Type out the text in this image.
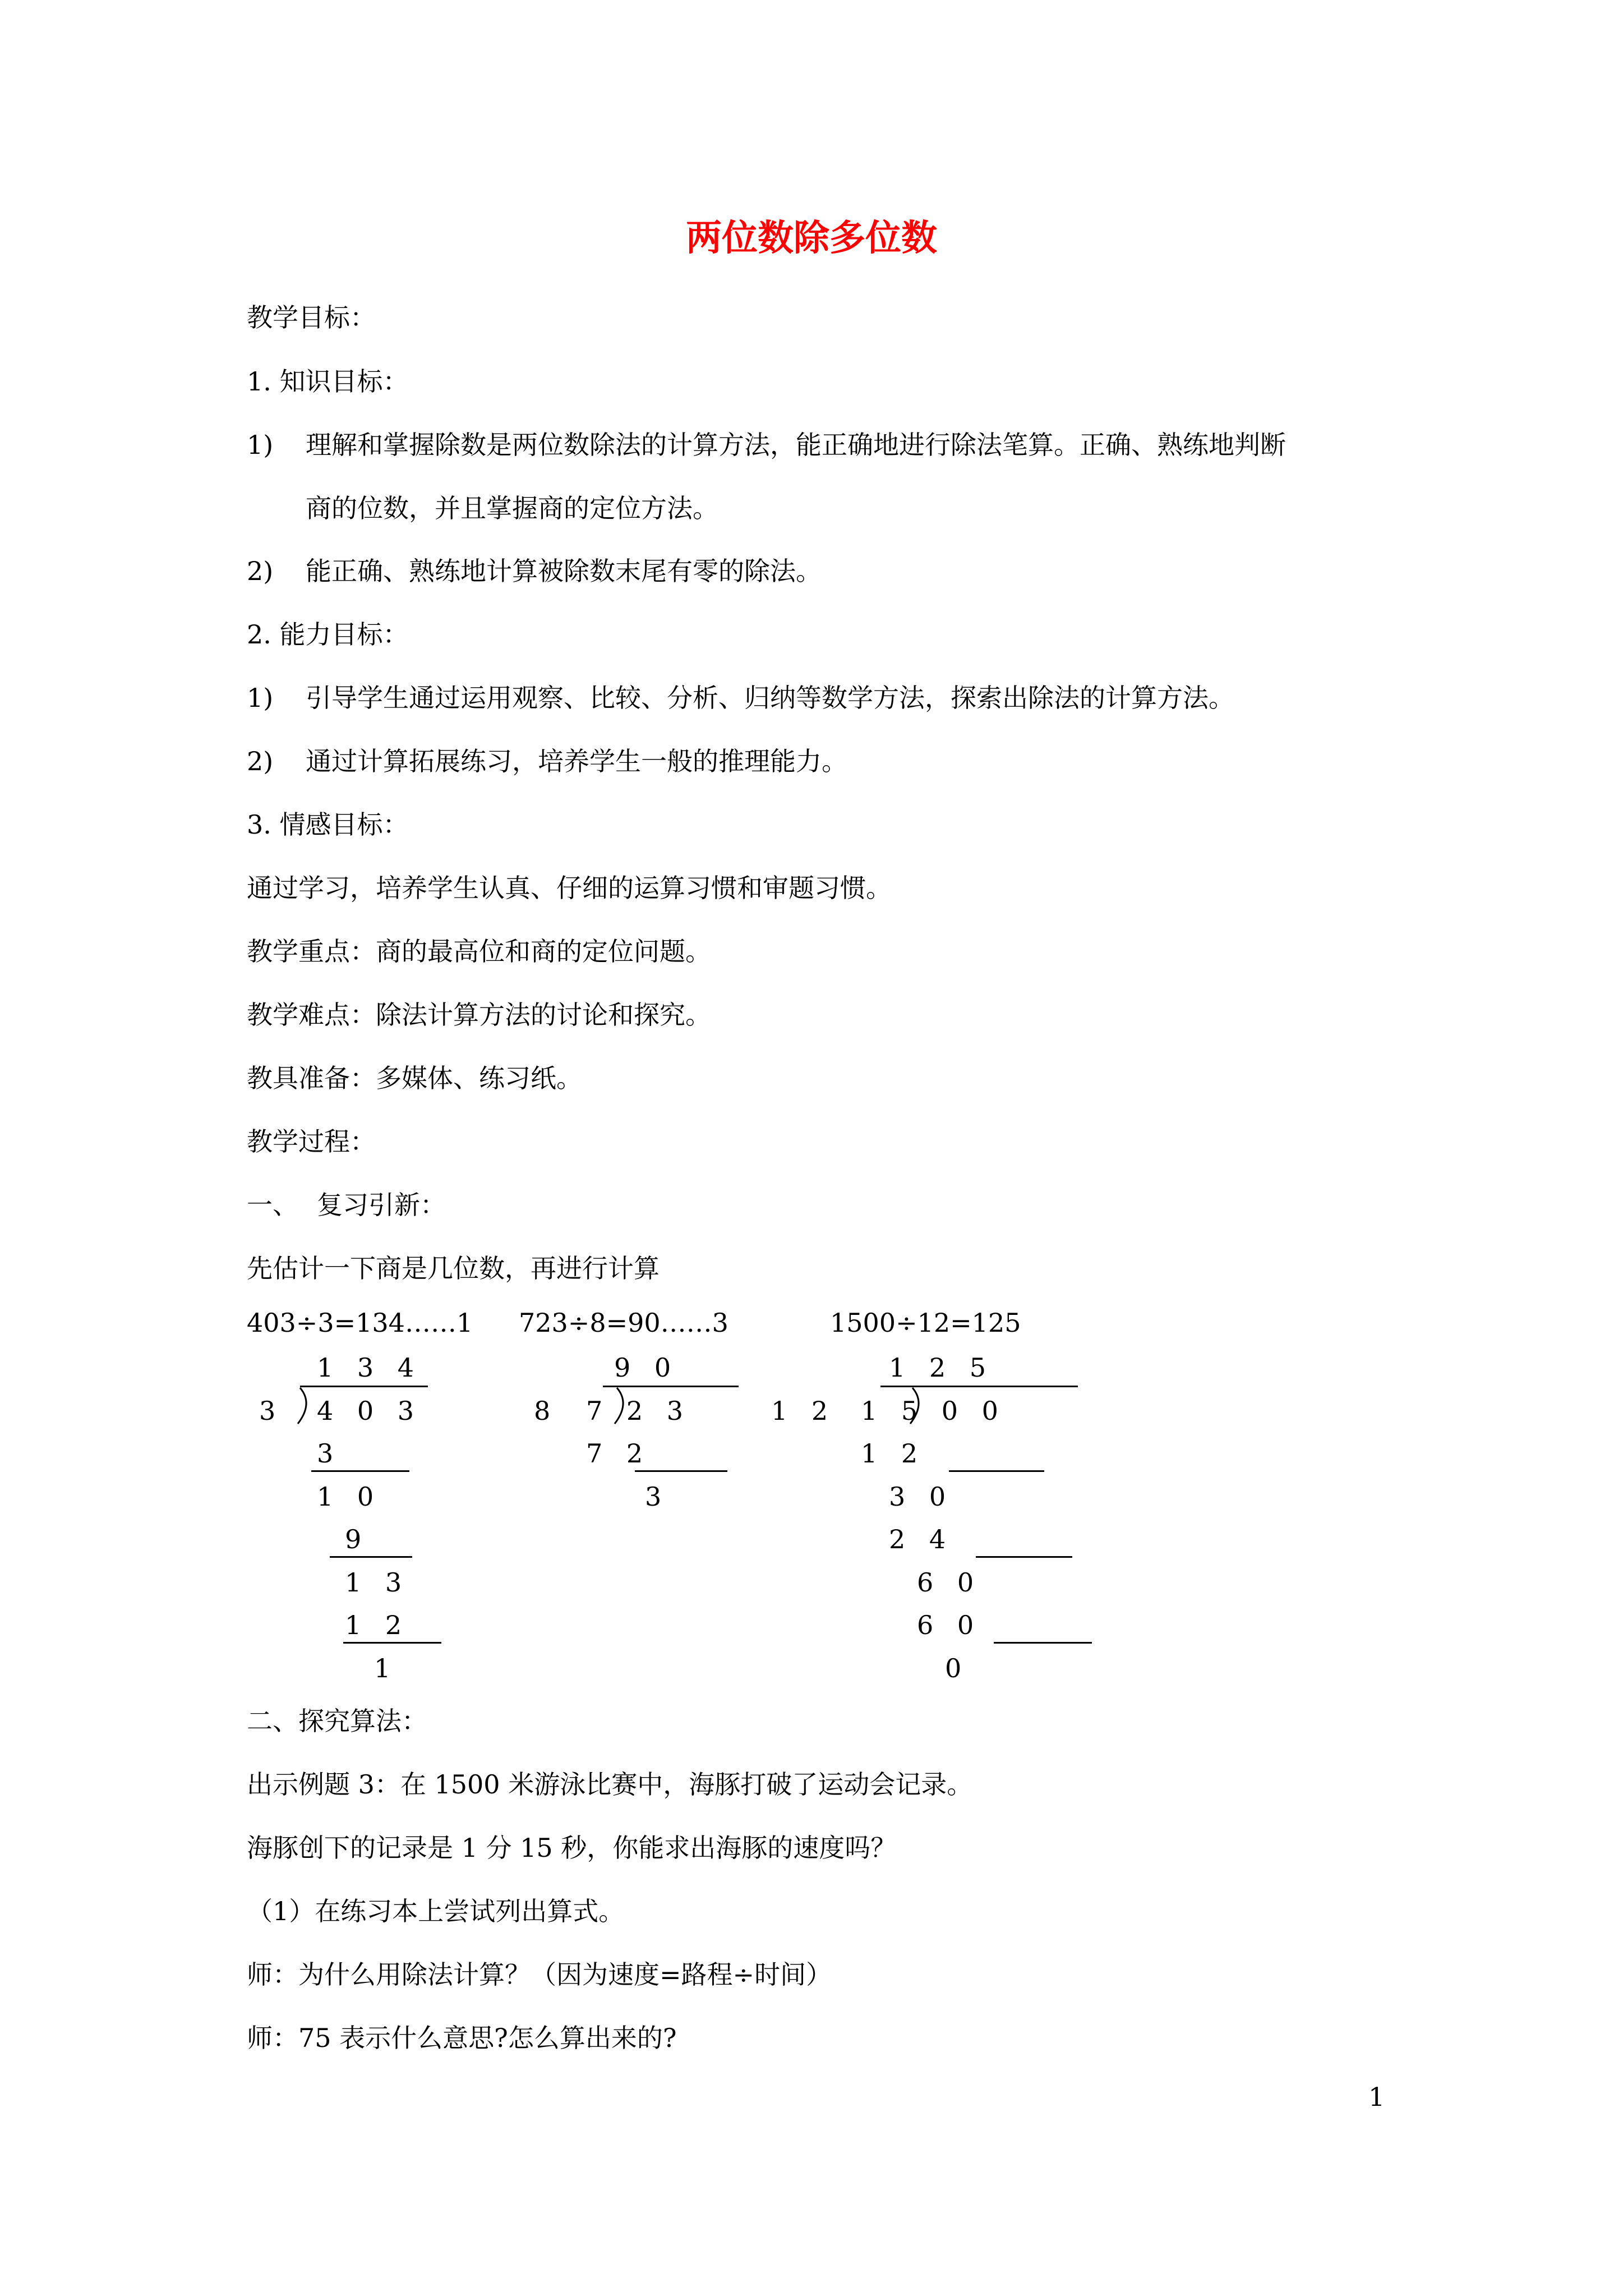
两位数除多位数
教学目标：
1. 知识目标：
1) 理解和掌握除数是两位数除法的计算方法，能正确地进行除法笔算。正确、熟练地判断
商的位数，并且掌握商的定位方法。
2) 能正确、熟练地计算被除数末尾有零的除法。
2. 能力目标：
1) 引导学生通过运用观察、比较、分析、归纳等数学方法，探索出除法的计算方法。
2) 通过计算拓展练习，培养学生一般的推理能力。
3. 情感目标：
通过学习，培养学生认真、仔细的运算习惯和审题习惯。
教学重点：商的最高位和商的定位问题。
教学难点：除法计算方法的讨论和探究。
教具准备：多媒体、练习纸。
教学过程：
一、 复习引新：
先估计一下商是几位数，再进行计算
403÷3=134……1 723÷8=90……3	1500÷12=125
1 3 4
3 4 0 3
3
1 0
9
1 3
1 2
1
9 0
8 7 2 3
7 2
3
1 2 5
1 2 1 5 0 0
1 2
3 0
2 4
6 0
6 0
0
二、探究算法：
出示例题 3：在 1500 米游泳比赛中，海豚打破了运动会记录。
海豚创下的记录是 1 分 15 秒，你能求出海豚的速度吗？
（1）在练习本上尝试列出算式。
师：为什么用除法计算？（因为速度=路程÷时间）
师：75 表示什么意思?怎么算出来的?
1
